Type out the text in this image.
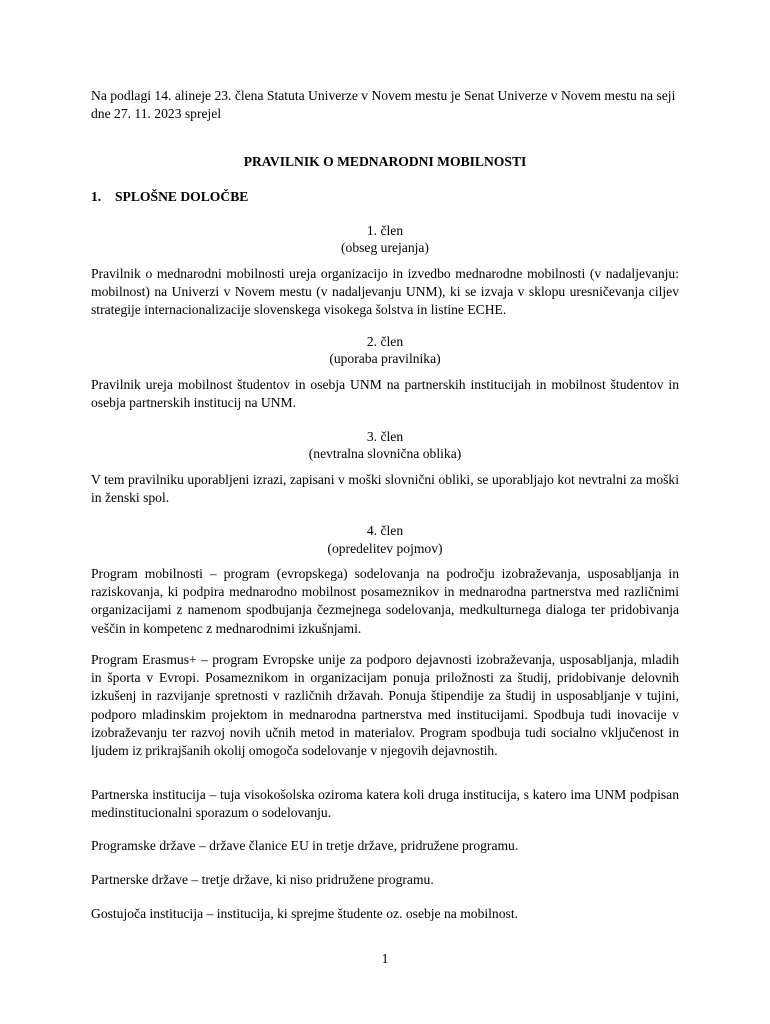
Na podlagi 14. alineje 23. člena Statuta Univerze v Novem mestu je Senat Univerze v Novem mestu na seji dne 27. 11. 2023 sprejel
PRAVILNIK O MEDNARODNI MOBILNOSTI
1. SPLOŠNE DOLOČBE
1. člen
(obseg urejanja)
Pravilnik o mednarodni mobilnosti ureja organizacijo in izvedbo mednarodne mobilnosti (v nadaljevanju: mobilnost) na Univerzi v Novem mestu (v nadaljevanju UNM), ki se izvaja v sklopu uresničevanja ciljev strategije internacionalizacije slovenskega visokega šolstva in listine ECHE.
2. člen
(uporaba pravilnika)
Pravilnik ureja mobilnost študentov in osebja UNM na partnerskih institucijah in mobilnost študentov in osebja partnerskih institucij na UNM.
3. člen
(nevtralna slovnična oblika)
V tem pravilniku uporabljeni izrazi, zapisani v moški slovnični obliki, se uporabljajo kot nevtralni za moški in ženski spol.
4. člen
(opredelitev pojmov)
Program mobilnosti – program (evropskega) sodelovanja na področju izobraževanja, usposabljanja in raziskovanja, ki podpira mednarodno mobilnost posameznikov in mednarodna partnerstva med različnimi organizacijami z namenom spodbujanja čezmejnega sodelovanja, medkulturnega dialoga ter pridobivanja veščin in kompetenc z mednarodnimi izkušnjami.
Program Erasmus+ – program Evropske unije za podporo dejavnosti izobraževanja, usposabljanja, mladih in športa v Evropi. Posameznikom in organizacijam ponuja priložnosti za študij, pridobivanje delovnih izkušenj in razvijanje spretnosti v različnih državah. Ponuja štipendije za študij in usposabljanje v tujini, podporo mladinskim projektom in mednarodna partnerstva med institucijami. Spodbuja tudi inovacije v izobraževanju ter razvoj novih učnih metod in materialov. Program spodbuja tudi socialno vključenost in ljudem iz prikrajšanih okolij omogoča sodelovanje v njegovih dejavnostih.
Partnerska institucija – tuja visokošolska oziroma katera koli druga institucija, s katero ima UNM podpisan medinstitucionalni sporazum o sodelovanju.
Programske države – države članice EU in tretje države, pridružene programu.
Partnerske države – tretje države, ki niso pridružene programu.
Gostujoča institucija – institucija, ki sprejme študente oz. osebje na mobilnost.
1
